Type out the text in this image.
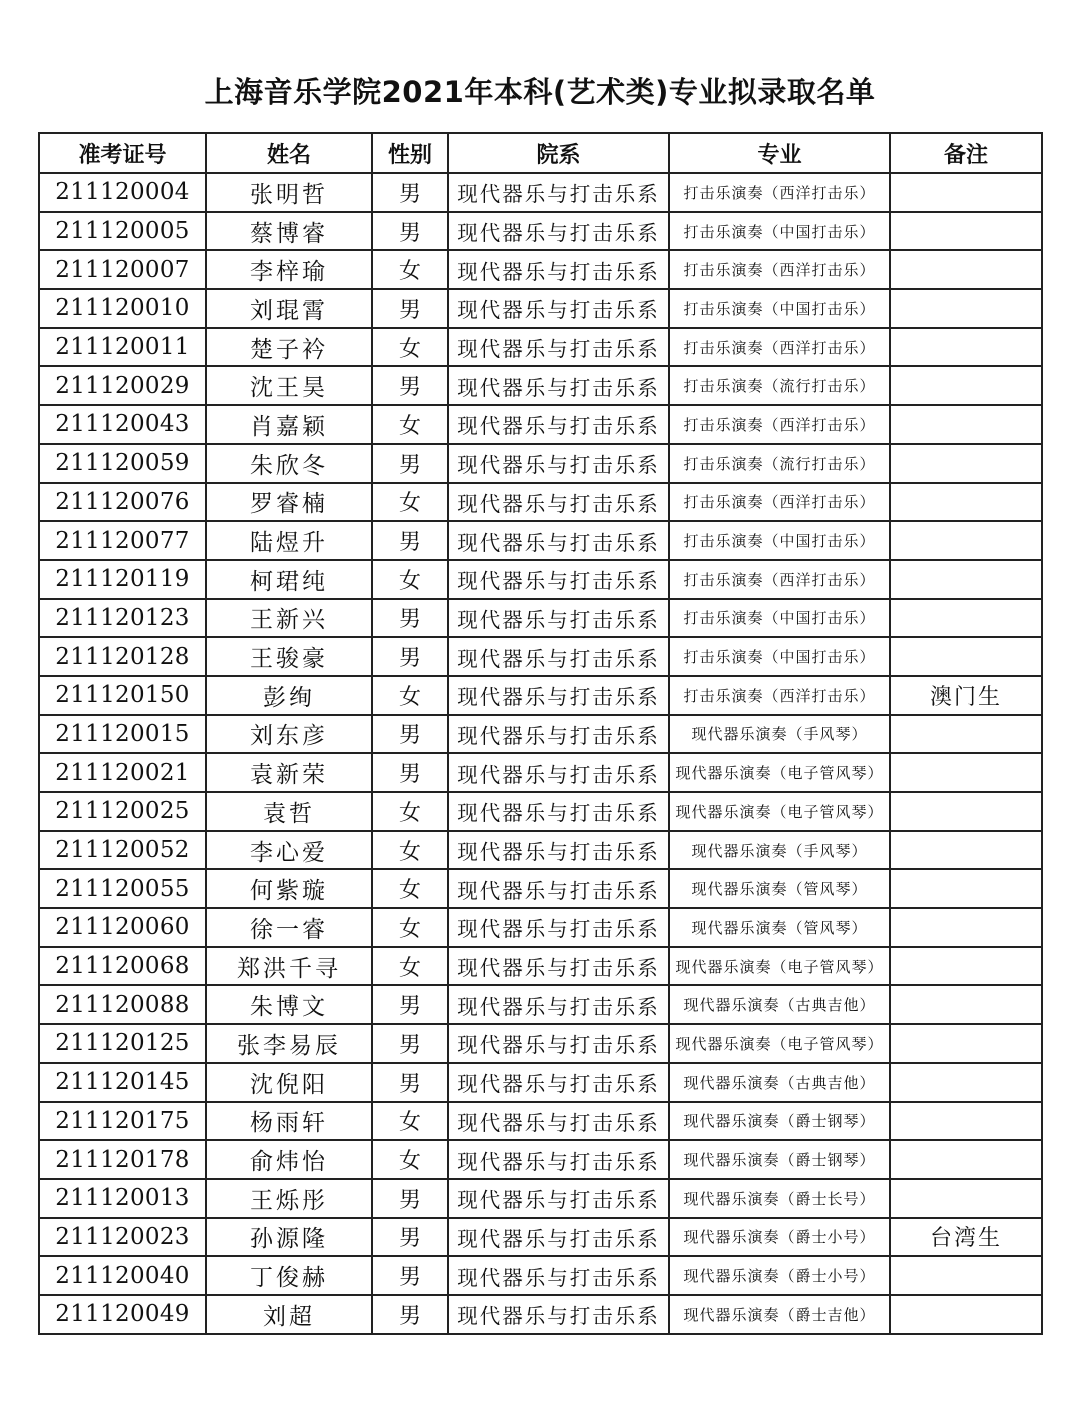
上海音乐学院2021年本科(艺术类)专业拟录取名单
准考证号	姓名	性别	院系	专业	备注
211120004	张明哲	男	现代器乐与打击乐系	打击乐演奏（西洋打击乐）	
211120005	蔡博睿	男	现代器乐与打击乐系	打击乐演奏（中国打击乐）	
211120007	李梓瑜	女	现代器乐与打击乐系	打击乐演奏（西洋打击乐）	
211120010	刘琨霄	男	现代器乐与打击乐系	打击乐演奏（中国打击乐）	
211120011	楚子衿	女	现代器乐与打击乐系	打击乐演奏（西洋打击乐）	
211120029	沈王昊	男	现代器乐与打击乐系	打击乐演奏（流行打击乐）	
211120043	肖嘉颖	女	现代器乐与打击乐系	打击乐演奏（西洋打击乐）	
211120059	朱欣冬	男	现代器乐与打击乐系	打击乐演奏（流行打击乐）	
211120076	罗睿楠	女	现代器乐与打击乐系	打击乐演奏（西洋打击乐）	
211120077	陆煜升	男	现代器乐与打击乐系	打击乐演奏（中国打击乐）	
211120119	柯珺纯	女	现代器乐与打击乐系	打击乐演奏（西洋打击乐）	
211120123	王新兴	男	现代器乐与打击乐系	打击乐演奏（中国打击乐）	
211120128	王骏豪	男	现代器乐与打击乐系	打击乐演奏（中国打击乐）	
211120150	彭绚	女	现代器乐与打击乐系	打击乐演奏（西洋打击乐）	澳门生
211120015	刘东彦	男	现代器乐与打击乐系	现代器乐演奏（手风琴）	
211120021	袁新荣	男	现代器乐与打击乐系	现代器乐演奏（电子管风琴）	
211120025	袁哲	女	现代器乐与打击乐系	现代器乐演奏（电子管风琴）	
211120052	李心爱	女	现代器乐与打击乐系	现代器乐演奏（手风琴）	
211120055	何紫璇	女	现代器乐与打击乐系	现代器乐演奏（管风琴）	
211120060	徐一睿	女	现代器乐与打击乐系	现代器乐演奏（管风琴）	
211120068	郑洪千寻	女	现代器乐与打击乐系	现代器乐演奏（电子管风琴）	
211120088	朱博文	男	现代器乐与打击乐系	现代器乐演奏（古典吉他）	
211120125	张李易辰	男	现代器乐与打击乐系	现代器乐演奏（电子管风琴）	
211120145	沈倪阳	男	现代器乐与打击乐系	现代器乐演奏（古典吉他）	
211120175	杨雨轩	女	现代器乐与打击乐系	现代器乐演奏（爵士钢琴）	
211120178	俞炜怡	女	现代器乐与打击乐系	现代器乐演奏（爵士钢琴）	
211120013	王烁彤	男	现代器乐与打击乐系	现代器乐演奏（爵士长号）	
211120023	孙源隆	男	现代器乐与打击乐系	现代器乐演奏（爵士小号）	台湾生
211120040	丁俊赫	男	现代器乐与打击乐系	现代器乐演奏（爵士小号）	
211120049	刘超	男	现代器乐与打击乐系	现代器乐演奏（爵士吉他）	
